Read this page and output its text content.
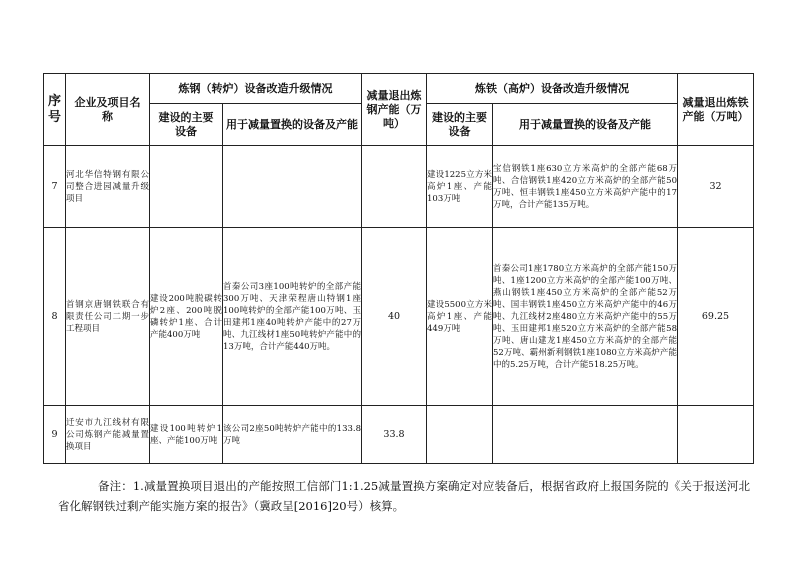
序号	企业及项目名称	炼钢（转炉）设备改造升级情况		减量退出炼钢产能（万吨）	炼铁（高炉）设备改造升级情况		减量退出炼铁产能（万吨）

		建设的主要设备	用于减量置换的设备及产能		建设的主要设备	用于减量置换的设备及产能	
7	河北华信特钢有限公司整合进园减量升级项目				建设1225立方米高炉1座、产能103万吨	宝信钢铁1座630立方米高炉的全部产能68万吨、合信钢铁1座420立方米高炉的全部产能50万吨、恒丰钢铁1座450立方米高炉产能中的17万吨，合计产能135万吨。	32
8	首钢京唐钢铁联合有限责任公司二期一步工程项目	建设200吨脱碳转炉2座、200吨脱磷转炉1座、合计产能400万吨	首秦公司3座100吨转炉的全部产能300万吨、天津荣程唐山特钢1座100吨转炉的全部产能100万吨、玉田建邦1座40吨转炉产能中的27万吨、九江线材1座50吨转炉产能中的13万吨，合计产能440万吨。	40	建设5500立方米高炉1座、产能449万吨	首秦公司1座1780立方米高炉的全部产能150万吨、1座1200立方米高炉的全部产能100万吨、燕山钢铁1座450立方米高炉的全部产能52万吨、国丰钢铁1座450立方米高炉产能中的46万吨、九江线材2座480立方米高炉产能中的55万吨、玉田建邦1座520立方米高炉的全部产能58万吨、唐山建龙1座450立方米高炉的全部产能52万吨、霸州新利钢铁1座1080立方米高炉产能中的5.25万吨，合计产能518.25万吨。	69.25
9	迁安市九江线材有限公司炼钢产能减量置换项目	建设100吨转炉1座、产能100万吨	该公司2座50吨转炉产能中的133.8万吨	33.8			
备注：1.减量置换项目退出的产能按照工信部门1:1.25减量置换方案确定对应装备后，根据省政府上报国务院的《关于报送河北省化解钢铁过剩产能实施方案的报告》（冀政呈[2016]20号）核算。
